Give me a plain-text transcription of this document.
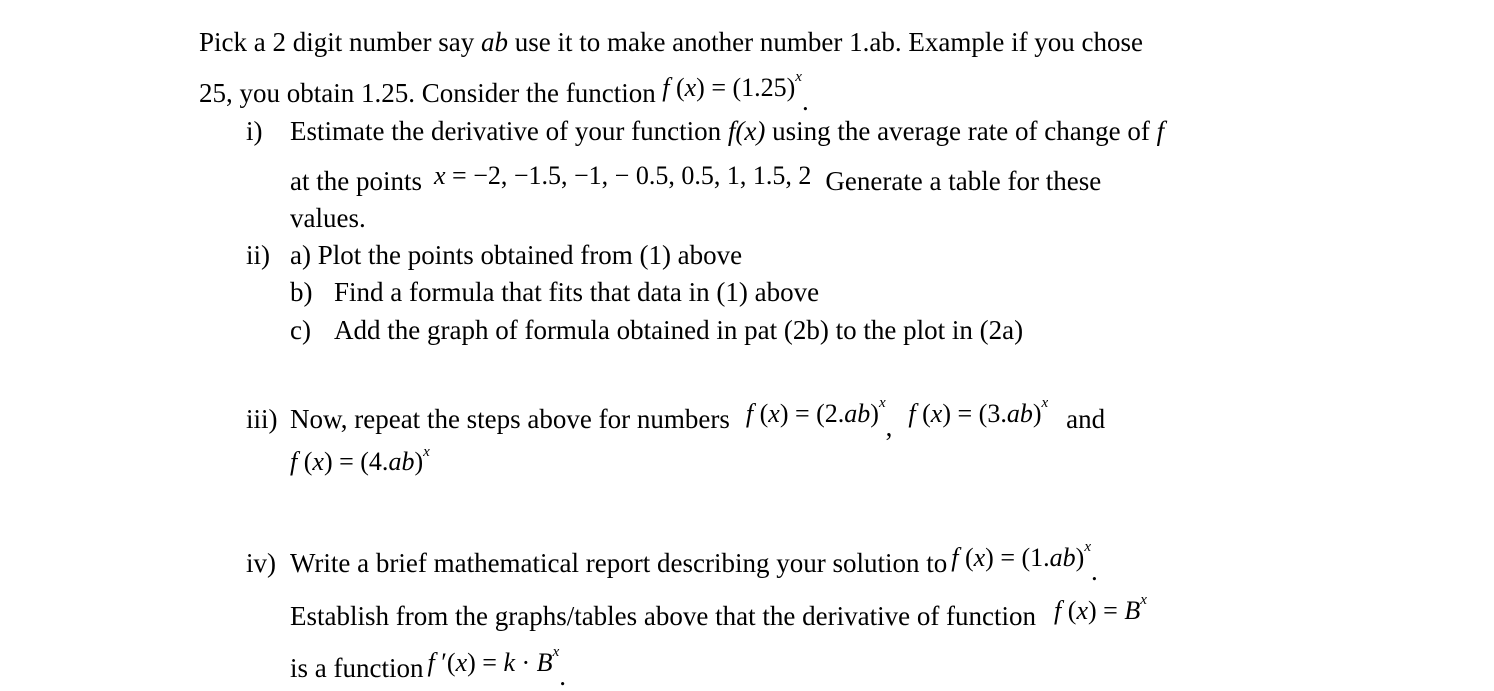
Pick a 2 digit number say ab use it to make another number 1.ab. Example if you chose
25, you obtain 1.25. Consider the function f $(x) = (1.25)^x$.
i) Estimate the derivative of your function f(x) using the average rate of change of f
at the points x = −2, −1.5, −1, − 0.5, 0.5, 1, 1.5, 2 Generate a table for these
values.
ii) a) Plot the points obtained from (1) above
b) Find a formula that fits that data in (1) above
c) Add the graph of formula obtained in pat (2b) to the plot in (2a)
iii) Now, repeat the steps above for numbers f $(x) = (2.ab)^x$, f $(x) = (3.ab)^xand$
f $(x) = (4.ab)^x$
iv) Write a brief mathematical report describing your solution to f $(x) = (1.ab)^x$.
Establish from the graphs/tables above that the derivative of function f $(x) = B^x$
is a function f $'(x) = k \cdot B^x$.
